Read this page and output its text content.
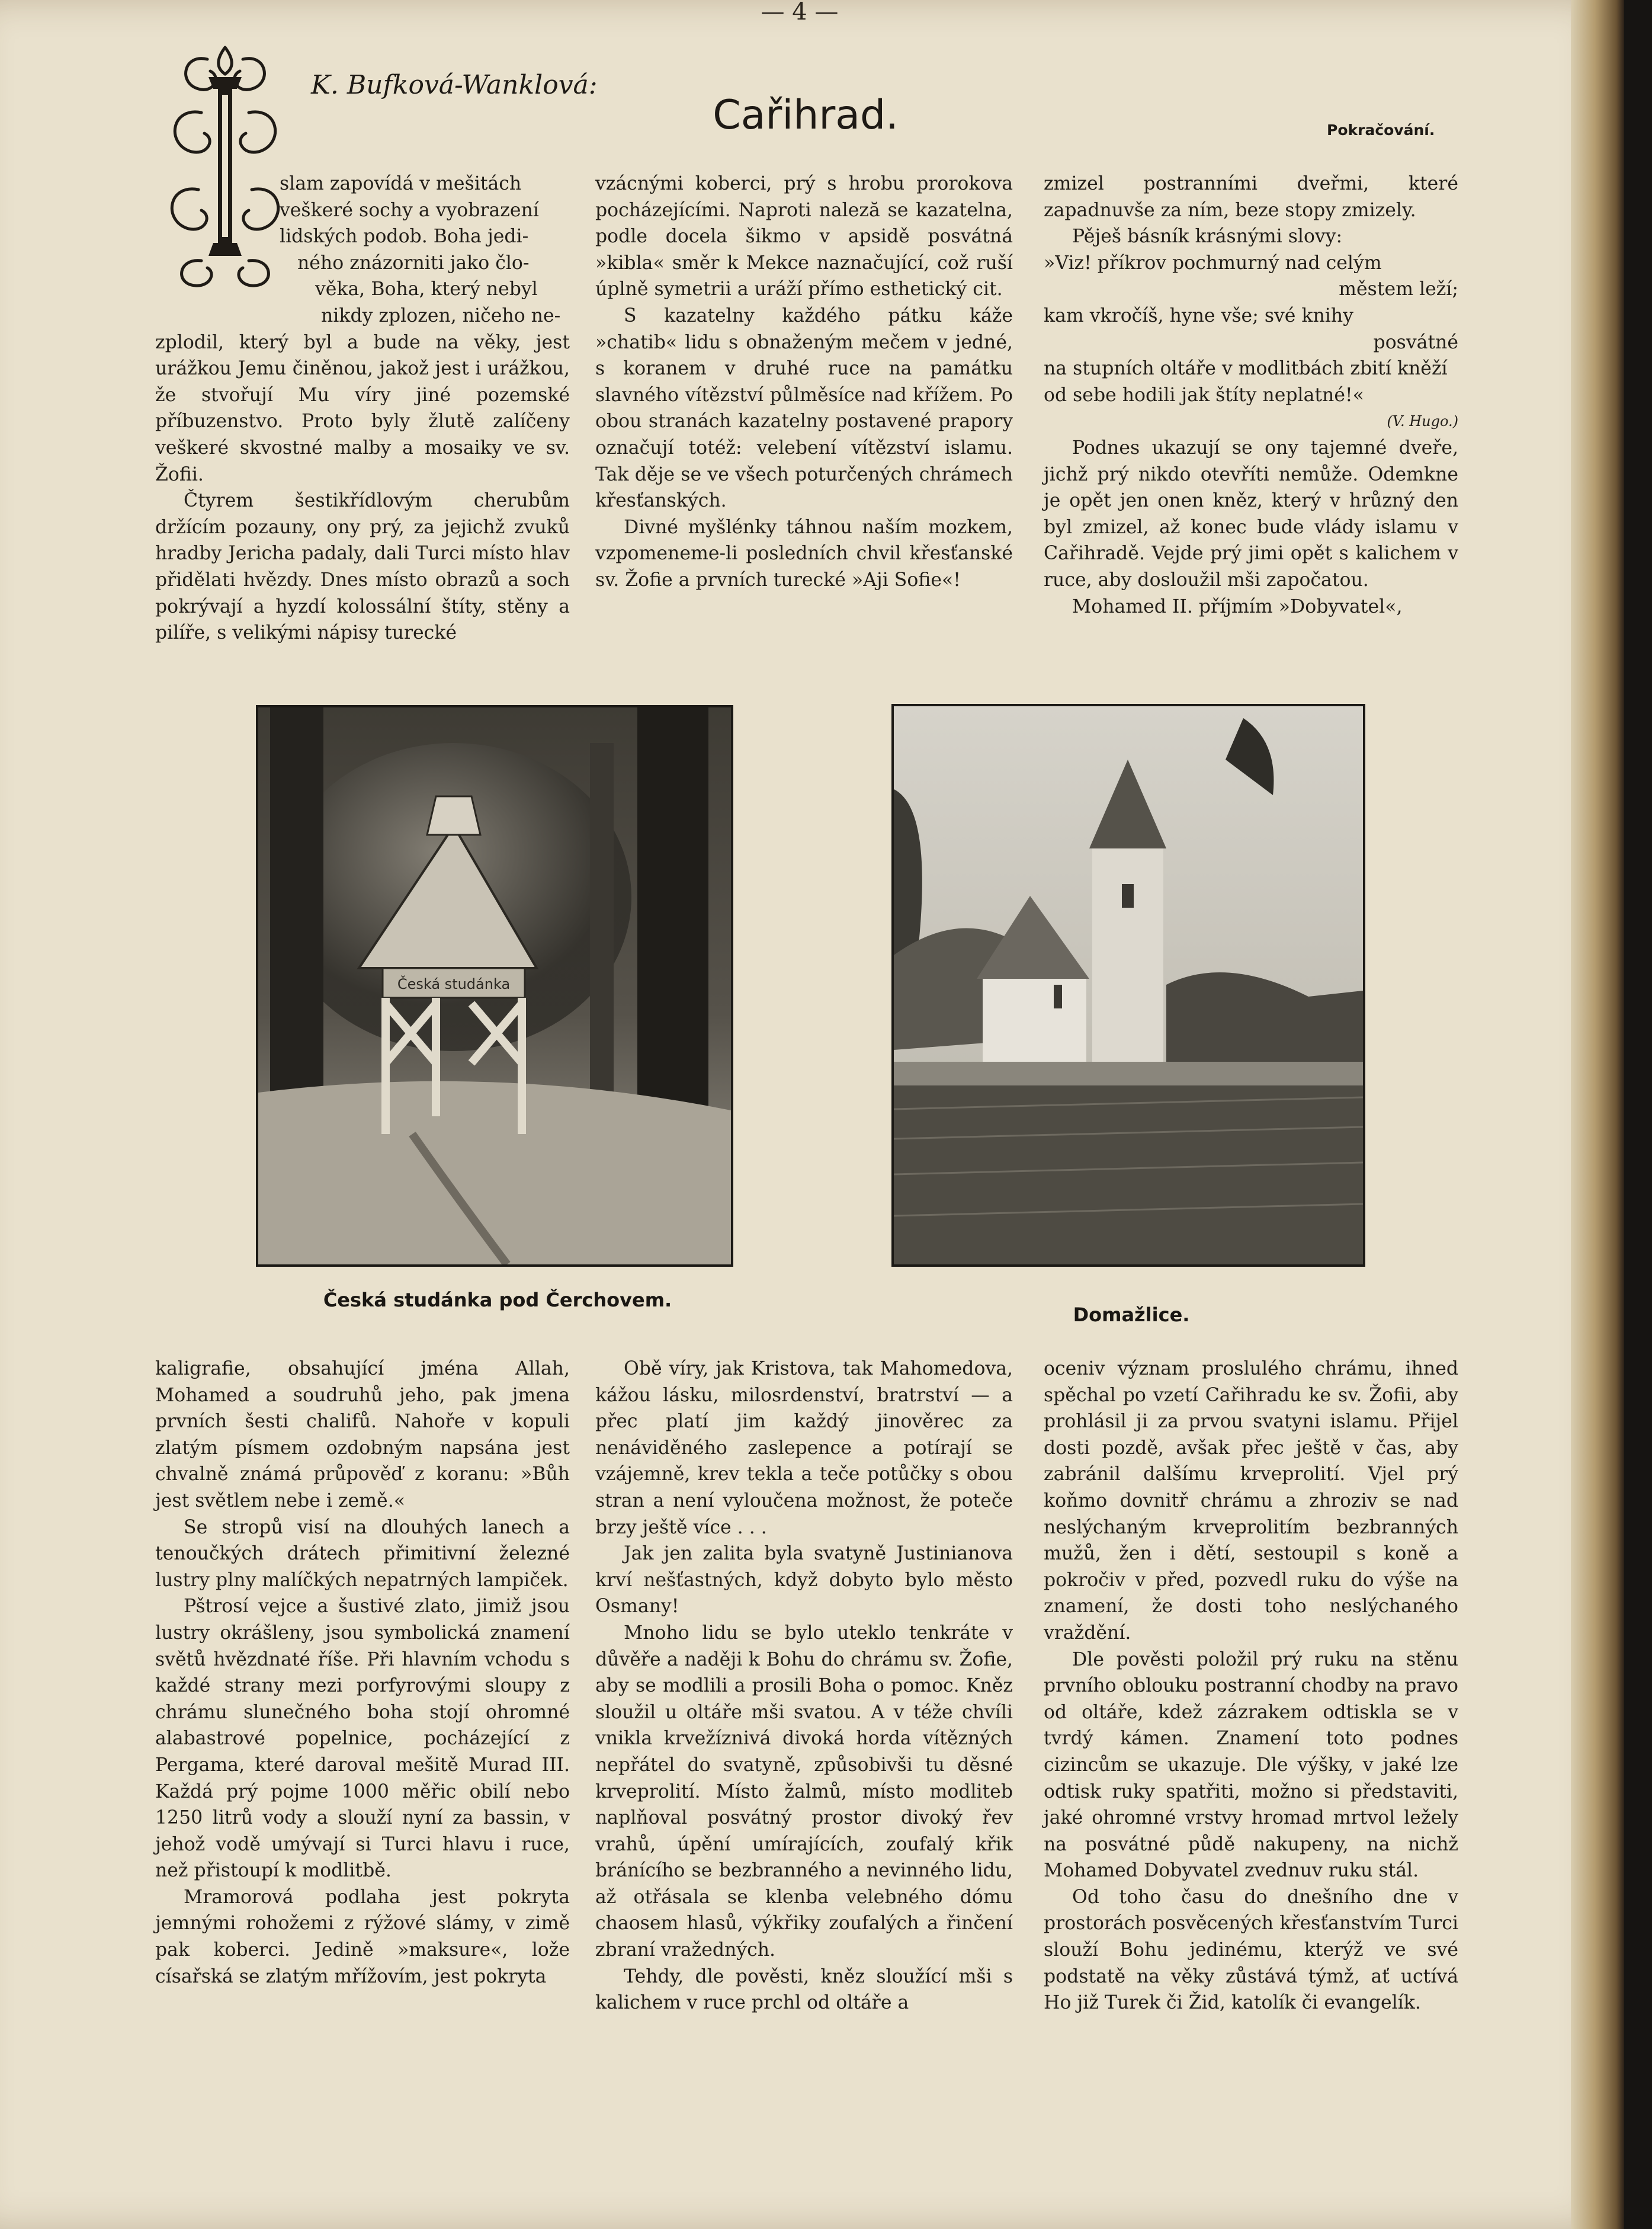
— 4 —
K. Bufková-Wanklová:
Cařihrad.	Pokračování.
slam zapovídá v mešitách
veškeré sochy a vyobrazení
lidských podob. Boha jedi-
ného znázorniti jako člo-
věka, Boha, který nebyl
nikdy zplozen, ničeho ne-

zplodil, který byl a bude na věky, jest urážkou Jemu činěnou, jakož jest i urážkou, že stvořují Mu víry jiné pozemské příbuzenstvo. Proto byly žlutě zalíčeny veškeré skvostné malby a mosaiky ve sv. Žofii.

Čtyrem šestikřídlovým cherubům držícím pozauny, ony prý, za jejichž zvuků hradby Jericha padaly, dali Turci místo hlav přidělati hvězdy. Dnes místo obrazů a soch pokrývají a hyzdí kolossální štíty, stěny a pilíře, s velikými nápisy turecké

vzácnými koberci, prý s hrobu prorokova pocházejícími. Naproti naleză se kazatelna, podle docela šikmo v apsidě posvátná »kibla« směr k Mekce naznačující, což ruší úplně symetrii a uráží přímo esthetický cit.

S kazatelny každého pátku káže »chatib« lidu s obnaženým mečem v jedné, s koranem v druhé ruce na památku slavného vítězství půlměsíce nad křížem. Po obou stranách kazatelny postavené prapory označují totéž: velebení vítězství islamu. Tak děje se ve všech poturčených chrámech křesťanských.

Divné myšlénky táhnou naším mozkem, vzpomeneme-li posledních chvil křesťanské sv. Žofie a prvních turecké »Aji Sofie«!

zmizel postranními dveřmi, které zapadnuvše za ním, beze stopy zmizely.

Pěješ básník krásnými slovy:

»Viz! příkrov pochmurný nad celým
městem leží;
kam vkročíš, hyne vše; své knihy
posvátné
na stupních oltáře v modlitbách zbití kněží
od sebe hodili jak štíty neplatné!«
(V. Hugo.)

Podnes ukazují se ony tajemné dveře, jichž prý nikdo otevříti nemůže. Odemkne je opět jen onen kněz, který v hrůzný den byl zmizel, až konec bude vlády islamu v Cařihradě. Vejde prý jimi opět s kalichem v ruce, aby dosloužil mši započatou.

Mohamed II. příjmím »Dobyvatel«,

Česká studánka
Česká studánka pod Čerchovem.
Domažlice.

kaligrafie, obsahující jména Allah, Mohamed a soudruhů jeho, pak jmena prvních šesti chalifů. Nahoře v kopuli zlatým písmem ozdobným napsána jest chvalně známá průpověď z koranu: »Bůh jest světlem nebe i země.«

Se stropů visí na dlouhých lanech a tenoučkých drátech přimitivní železné lustry plny malíčkých nepatrných lampiček.

Pštrosí vejce a šustivé zlato, jimiž jsou lustry okrášleny, jsou symbolická znamení světů hvězdnaté říše. Při hlavním vchodu s každé strany mezi porfyrovými sloupy z chrámu slunečného boha stojí ohromné alabastrové popelnice, pocházející z Pergama, které daroval mešitě Murad III. Každá prý pojme 1000 měřic obilí nebo 1250 litrů vody a slouží nyní za bassin, v jehož vodě umývají si Turci hlavu i ruce, než přistoupí k modlitbě.

Mramorová podlaha jest pokryta jemnými rohožemi z rýžové slámy, v zimě pak koberci. Jedině »maksure«, lože císařská se zlatým mřížovím, jest pokryta

Obě víry, jak Kristova, tak Mahomedova, kážou lásku, milosrdenství, bratrství — a přec platí jim každý jinověrec za nenáviděného zaslepence a potírají se vzájemně, krev tekla a teče potůčky s obou stran a není vyloučena možnost, že poteče brzy ještě více . . .

Jak jen zalita byla svatyně Justinianova krví nešťastných, když dobyto bylo město Osmany!

Mnoho lidu se bylo uteklo tenkráte v důvěře a naději k Bohu do chrámu sv. Žofie, aby se modlili a prosili Boha o pomoc. Kněz sloužil u oltáře mši svatou. A v téže chvíli vnikla krvežíznivá divoká horda vítězných nepřátel do svatyně, způsobivši tu děsné krveprolití. Místo žalmů, místo modliteb naplňoval posvátný prostor divoký řev vrahů, úpění umírajících, zoufalý křik bránícího se bezbranného a nevinného lidu, až otřásala se klenba velebného dómu chaosem hlasů, výkřiky zoufalých a řinčení zbraní vražedných.

Tehdy, dle pověsti, kněz sloužící mši s kalichem v ruce prchl od oltáře a

oceniv význam proslulého chrámu, ihned spěchal po vzetí Cařihradu ke sv. Žofii, aby prohlásil ji za prvou svatyni islamu. Přijel dosti pozdě, avšak přec ještě v čas, aby zabránil dalšímu krveprolití. Vjel prý koňmo dovnitř chrámu a zhroziv se nad neslýchaným krveprolitím bezbranných mužů, žen i dětí, sestoupil s koně a pokročiv v před, pozvedl ruku do výše na znamení, že dosti toho neslýchaného vraždění.

Dle pověsti položil prý ruku na stěnu prvního oblouku postranní chodby na pravo od oltáře, kdež zázrakem odtiskla se v tvrdý kámen. Znamení toto podnes cizincům se ukazuje. Dle výšky, v jaké lze odtisk ruky spatřiti, možno si představiti, jaké ohromné vrstvy hromad mrtvol ležely na posvátné půdě nakupeny, na nichž Mohamed Dobyvatel zvednuv ruku stál.

Od toho času do dnešního dne v prostorách posvěcených křesťanstvím Turci slouží Bohu jedinému, kterýž ve své podstatě na věky zůstává týmž, ať uctívá Ho již Turek či Žid, katolík či evangelík.
